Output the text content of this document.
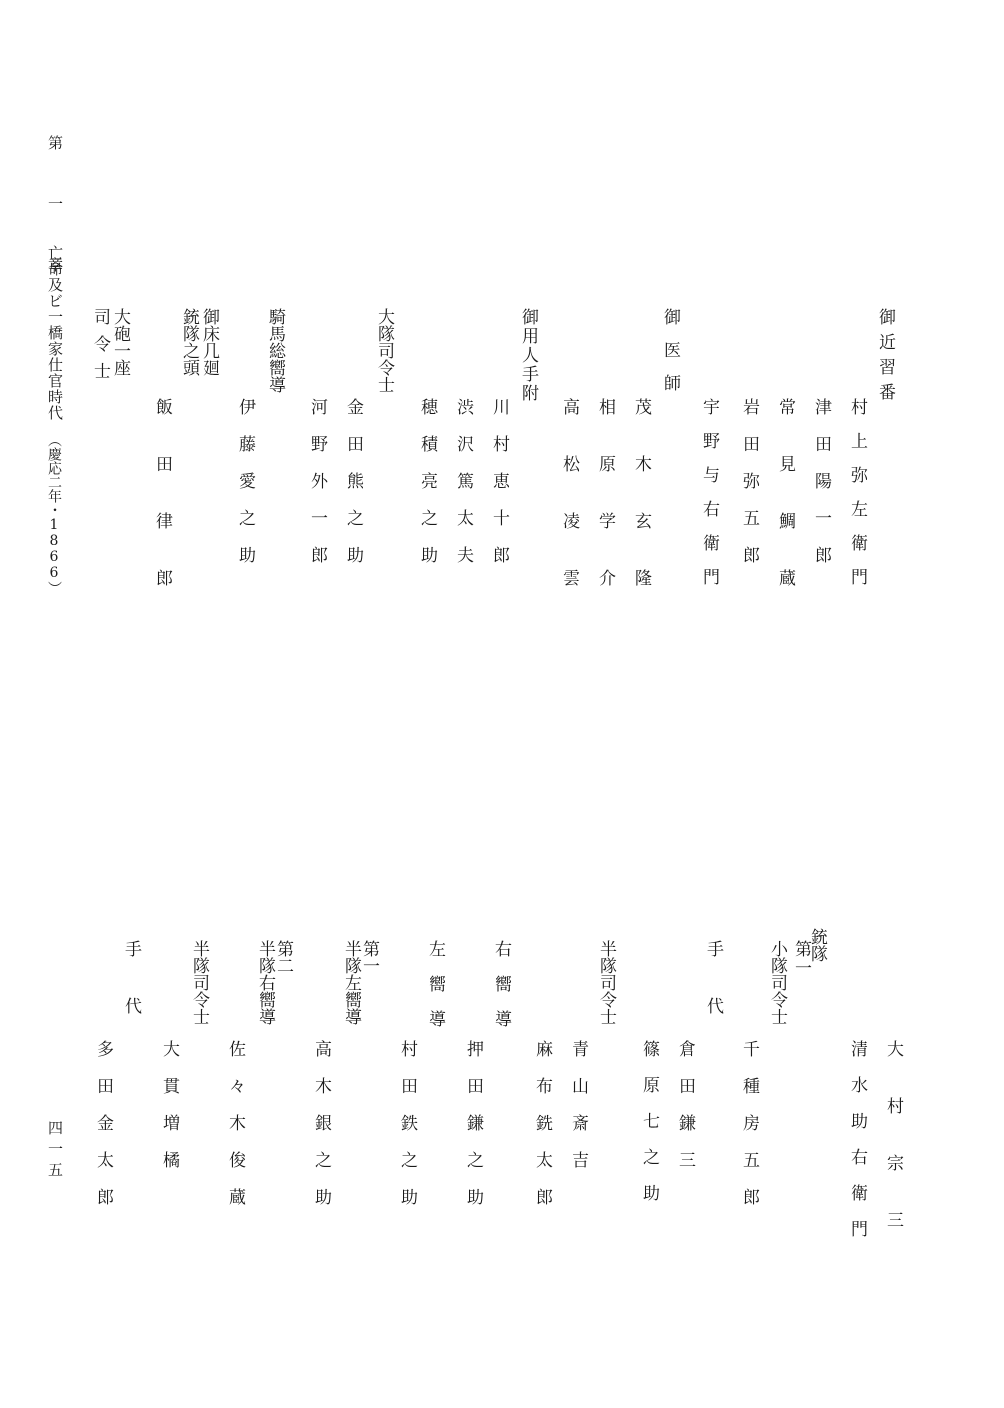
第 一 章
亡命及ビ一橋家仕官時代
（慶応二年・1866）
四一五
御近習番
村上弥左衛門
津田陽一郎
常見鯛蔵
岩田弥五郎
宇野与右衛門
御医師
茂木玄隆
相原学介
高松凌雲
御用人手附
川村恵十郎
渋沢篤太夫
穂積亮之助
大隊司令士
金田熊之助
河野外一郎
騎馬総嚮導
伊藤愛之助
御床几廻
銃隊之頭
飯田律郎
大砲一座
司令士
大村宗三
清水助右衛門
銃隊
第一
小隊司令士
千種房五郎
手代
倉田鎌三
篠原七之助
半隊司令士
青山斎吉
麻布銑太郎
右嚮導
押田鎌之助
左嚮導
村田鉄之助
第一
半隊左嚮導
高木銀之助
第二
半隊右嚮導
佐々木俊蔵
半隊司令士
大貫増橘
手代
多田金太郎
